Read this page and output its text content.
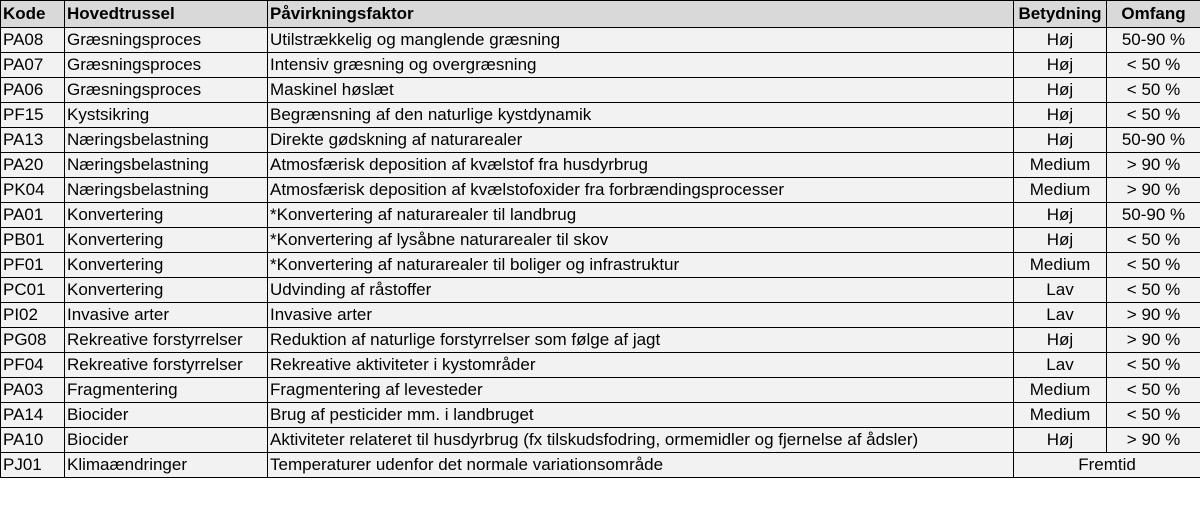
Kode	Hovedtrussel	Påvirkningsfaktor	Betydning	Omfang
PA08	Græsningsproces	Utilstrækkelig og manglende græsning	Høj	50-90 %
PA07	Græsningsproces	Intensiv græsning og overgræsning	Høj	< 50 %
PA06	Græsningsproces	Maskinel høslæt	Høj	< 50 %
PF15	Kystsikring	Begrænsning af den naturlige kystdynamik	Høj	< 50 %
PA13	Næringsbelastning	Direkte gødskning af naturarealer	Høj	50-90 %
PA20	Næringsbelastning	Atmosfærisk deposition af kvælstof fra husdyrbrug	Medium	> 90 %
PK04	Næringsbelastning	Atmosfærisk deposition af kvælstofoxider fra forbrændingsprocesser	Medium	> 90 %
PA01	Konvertering	*Konvertering af naturarealer til landbrug	Høj	50-90 %
PB01	Konvertering	*Konvertering af lysåbne naturarealer til skov	Høj	< 50 %
PF01	Konvertering	*Konvertering af naturarealer til boliger og infrastruktur	Medium	< 50 %
PC01	Konvertering	Udvinding af råstoffer	Lav	< 50 %
PI02	Invasive arter	Invasive arter	Lav	> 90 %
PG08	Rekreative forstyrrelser	Reduktion af naturlige forstyrrelser som følge af jagt	Høj	> 90 %
PF04	Rekreative forstyrrelser	Rekreative aktiviteter i kystområder	Lav	< 50 %
PA03	Fragmentering	Fragmentering af levesteder	Medium	< 50 %
PA14	Biocider	Brug af pesticider mm. i landbruget	Medium	< 50 %
PA10	Biocider	Aktiviteter relateret til husdyrbrug (fx tilskudsfodring, ormemidler og fjernelse af ådsler)	Høj	> 90 %
PJ01	Klimaændringer	Temperaturer udenfor det normale variationsområde	Fremtid	
